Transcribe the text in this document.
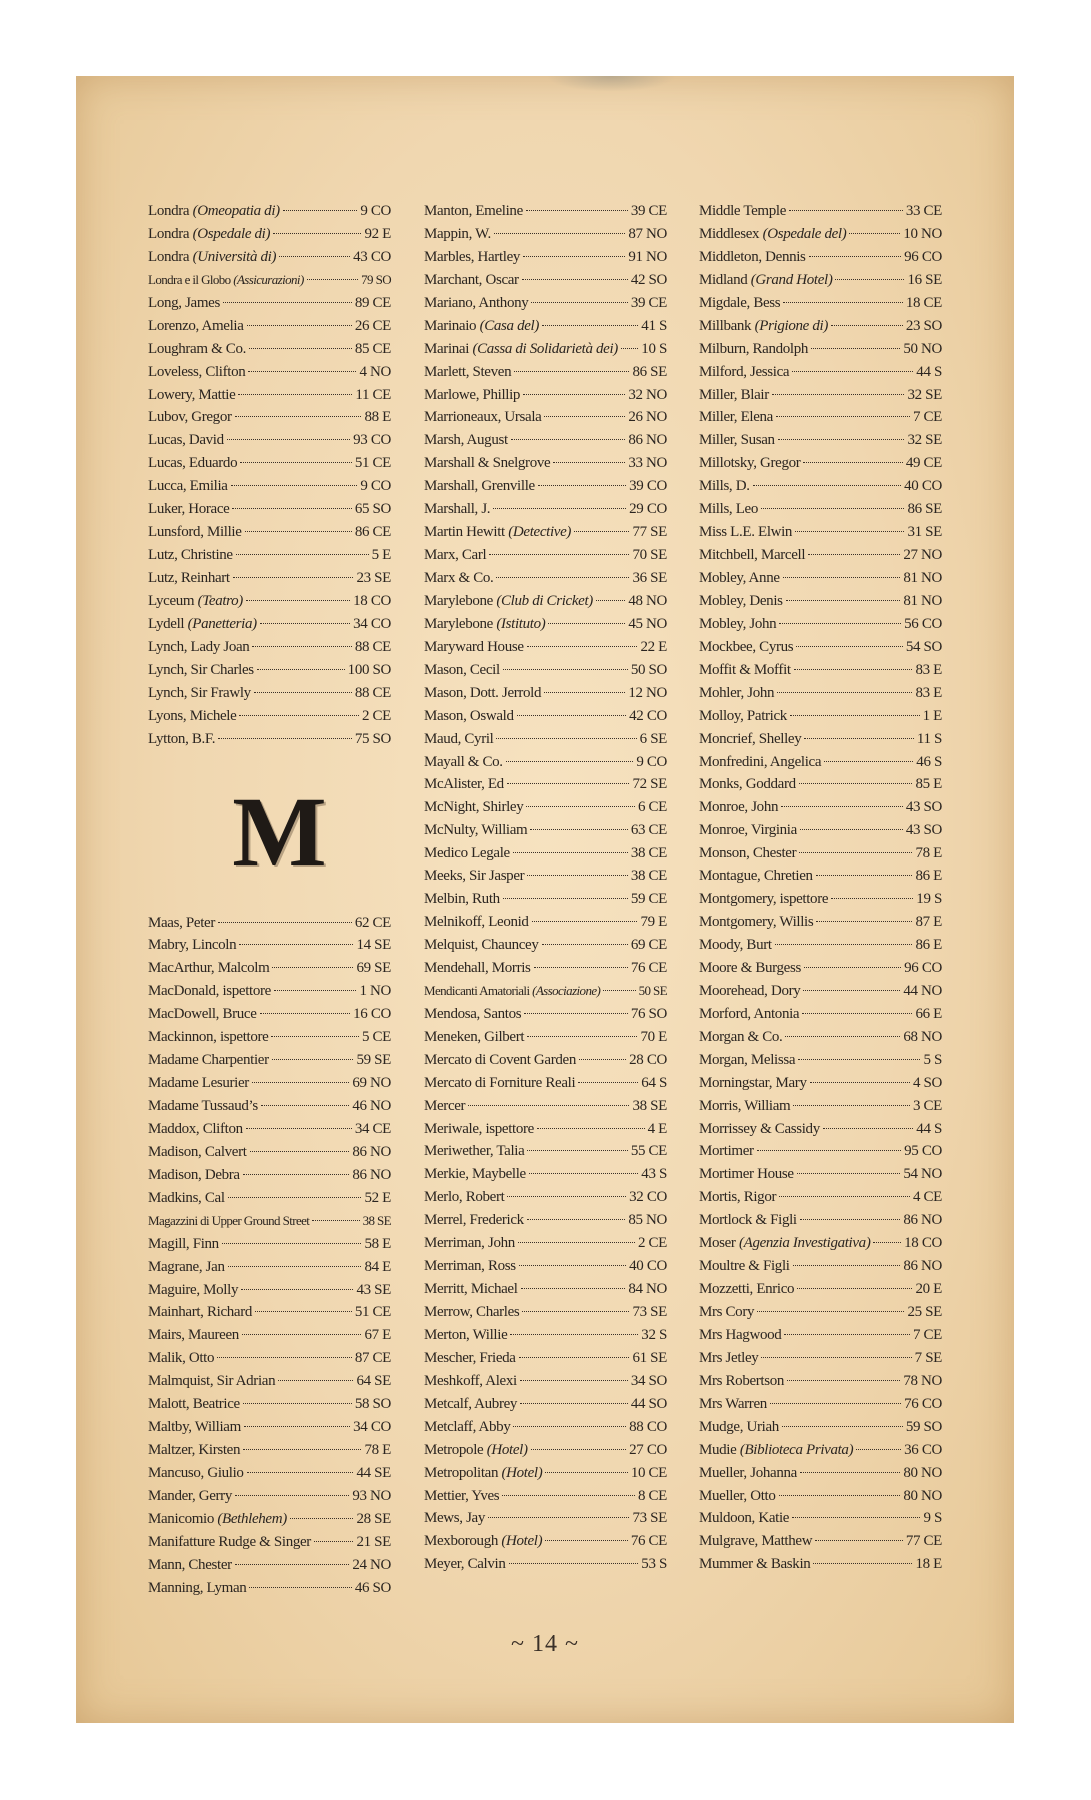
Londra (Omeopatia di)	9 CO
Londra (Ospedale di)	92 E
Londra (Università di)	43 CO
Londra e il Globo (Assicurazioni)	79 SO
Long, James	89 CE
Lorenzo, Amelia	26 CE
Loughram & Co.	85 CE
Loveless, Clifton	4 NO
Lowery, Mattie	11 CE
Lubov, Gregor	88 E
Lucas, David	93 CO
Lucas, Eduardo	51 CE
Lucca, Emilia	9 CO
Luker, Horace	65 SO
Lunsford, Millie	86 CE
Lutz, Christine	5 E
Lutz, Reinhart	23 SE
Lyceum (Teatro)	18 CO
Lydell (Panetteria)	34 CO
Lynch, Lady Joan	88 CE
Lynch, Sir Charles	100 SO
Lynch, Sir Frawly	88 CE
Lyons, Michele	2 CE
Lytton, B.F.	75 SO
M
Maas, Peter	62 CE
Mabry, Lincoln	14 SE
MacArthur, Malcolm	69 SE
MacDonald, ispettore	1 NO
MacDowell, Bruce	16 CO
Mackinnon, ispettore	5 CE
Madame Charpentier	59 SE
Madame Lesurier	69 NO
Madame Tussaud’s	46 NO
Maddox, Clifton	34 CE
Madison, Calvert	86 NO
Madison, Debra	86 NO
Madkins, Cal	52 E
Magazzini di Upper Ground Street	38 SE
Magill, Finn	58 E
Magrane, Jan	84 E
Maguire, Molly	43 SE
Mainhart, Richard	51 CE
Mairs, Maureen	67 E
Malik, Otto	87 CE
Malmquist, Sir Adrian	64 SE
Malott, Beatrice	58 SO
Maltby, William	34 CO
Maltzer, Kirsten	78 E
Mancuso, Giulio	44 SE
Mander, Gerry	93 NO
Manicomio (Bethlehem)	28 SE
Manifatture Rudge & Singer	21 SE
Mann, Chester	24 NO
Manning, Lyman	46 SO
Manton, Emeline	39 CE
Mappin, W.	87 NO
Marbles, Hartley	91 NO
Marchant, Oscar	42 SO
Mariano, Anthony	39 CE
Marinaio (Casa del)	41 S
Marinai (Cassa di Solidarietà dei) 10 S
Marlett, Steven	86 SE
Marlowe, Phillip	32 NO
Marrioneaux, Ursala	26 NO
Marsh, August	86 NO
Marshall & Snelgrove	33 NO
Marshall, Grenville	39 CO
Marshall, J.	29 CO
Martin Hewitt (Detective)	77 SE
Marx, Carl	70 SE
Marx & Co.	36 SE
Marylebone (Club di Cricket) 48 NO
Marylebone (Istituto)	45 NO
Maryward House	22 E
Mason, Cecil	50 SO
Mason, Dott. Jerrold	12 NO
Mason, Oswald	42 CO
Maud, Cyril	6 SE
Mayall & Co.	9 CO
McAlister, Ed	72 SE
McNight, Shirley	6 CE
McNulty, William	63 CE
Medico Legale	38 CE
Meeks, Sir Jasper	38 CE
Melbin, Ruth	59 CE
Melnikoff, Leonid	79 E
Melquist, Chauncey	69 CE
Mendehall, Morris	76 CE
Mendicanti Amatoriali (Associazione)	50 SE
Mendosa, Santos	76 SO
Meneken, Gilbert	70 E
Mercato di Covent Garden	28 CO
Mercato di Forniture Reali	64 S
Mercer	38 SE
Meriwale, ispettore	4 E
Meriwether, Talia	55 CE
Merkie, Maybelle	43 S
Merlo, Robert	32 CO
Merrel, Frederick	85 NO
Merriman, John	2 CE
Merriman, Ross	40 CO
Merritt, Michael	84 NO
Merrow, Charles	73 SE
Merton, Willie	32 S
Mescher, Frieda	61 SE
Meshkoff, Alexi	34 SO
Metcalf, Aubrey	44 SO
Metclaff, Abby	88 CO
Metropole (Hotel)	27 CO
Metropolitan (Hotel)	10 CE
Mettier, Yves	8 CE
Mews, Jay	73 SE
Mexborough (Hotel)	76 CE
Meyer, Calvin	53 S
Middle Temple	33 CE
Middlesex (Ospedale del)	10 NO
Middleton, Dennis	96 CO
Midland (Grand Hotel)	16 SE
Migdale, Bess	18 CE
Millbank (Prigione di)	23 SO
Milburn, Randolph	50 NO
Milford, Jessica	44 S
Miller, Blair	32 SE
Miller, Elena	7 CE
Miller, Susan	32 SE
Millotsky, Gregor	49 CE
Mills, D.	40 CO
Mills, Leo	86 SE
Miss L.E. Elwin	31 SE
Mitchbell, Marcell	27 NO
Mobley, Anne	81 NO
Mobley, Denis	81 NO
Mobley, John	56 CO
Mockbee, Cyrus	54 SO
Moffit & Moffit	83 E
Mohler, John	83 E
Molloy, Patrick	1 E
Moncrief, Shelley	11 S
Monfredini, Angelica	46 S
Monks, Goddard	85 E
Monroe, John	43 SO
Monroe, Virginia	43 SO
Monson, Chester	78 E
Montague, Chretien	86 E
Montgomery, ispettore	19 S
Montgomery, Willis	87 E
Moody, Burt	86 E
Moore & Burgess	96 CO
Moorehead, Dory	44 NO
Morford, Antonia	66 E
Morgan & Co.	68 NO
Morgan, Melissa	5 S
Morningstar, Mary	4 SO
Morris, William	3 CE
Morrissey & Cassidy	44 S
Mortimer	95 CO
Mortimer House	54 NO
Mortis, Rigor	4 CE
Mortlock & Figli	86 NO
Moser (Agenzia Investigativa) 18 CO
Moultre & Figli	86 NO
Mozzetti, Enrico	20 E
Mrs Cory	25 SE
Mrs Hagwood	7 CE
Mrs Jetley	7 SE
Mrs Robertson	78 NO
Mrs Warren	76 CO
Mudge, Uriah	59 SO
Mudie (Biblioteca Privata)	36 CO
Mueller, Johanna	80 NO
Mueller, Otto	80 NO
Muldoon, Katie	9 S
Mulgrave, Matthew	77 CE
Mummer & Baskin	18 E
~ 14 ~
